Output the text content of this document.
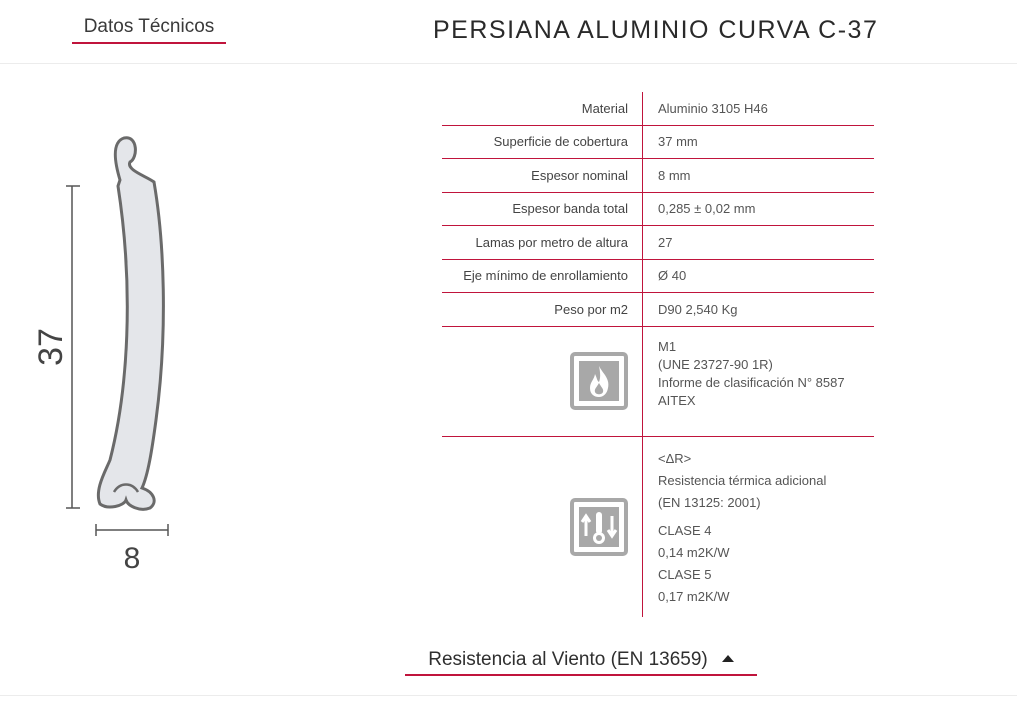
Datos Técnicos	PERSIANA ALUMINIO CURVA C-37
37
8
Material	Aluminio 3105 H46
Superficie de cobertura	37 mm
Espesor nominal	8 mm
Espesor banda total	0,285 ± 0,02 mm
Lamas por metro de altura	27
Eje mínimo de enrollamiento	Ø 40
Peso por m2	D90 2,540 Kg
M1
(UNE 23727-90 1R)
Informe de clasificación N° 8587
AITEX
<ΔR>
Resistencia térmica adicional
(EN 13125: 2001)
CLASE 4
0,14 m2K/W
CLASE 5
0,17 m2K/W
Resistencia al Viento (EN 13659)
